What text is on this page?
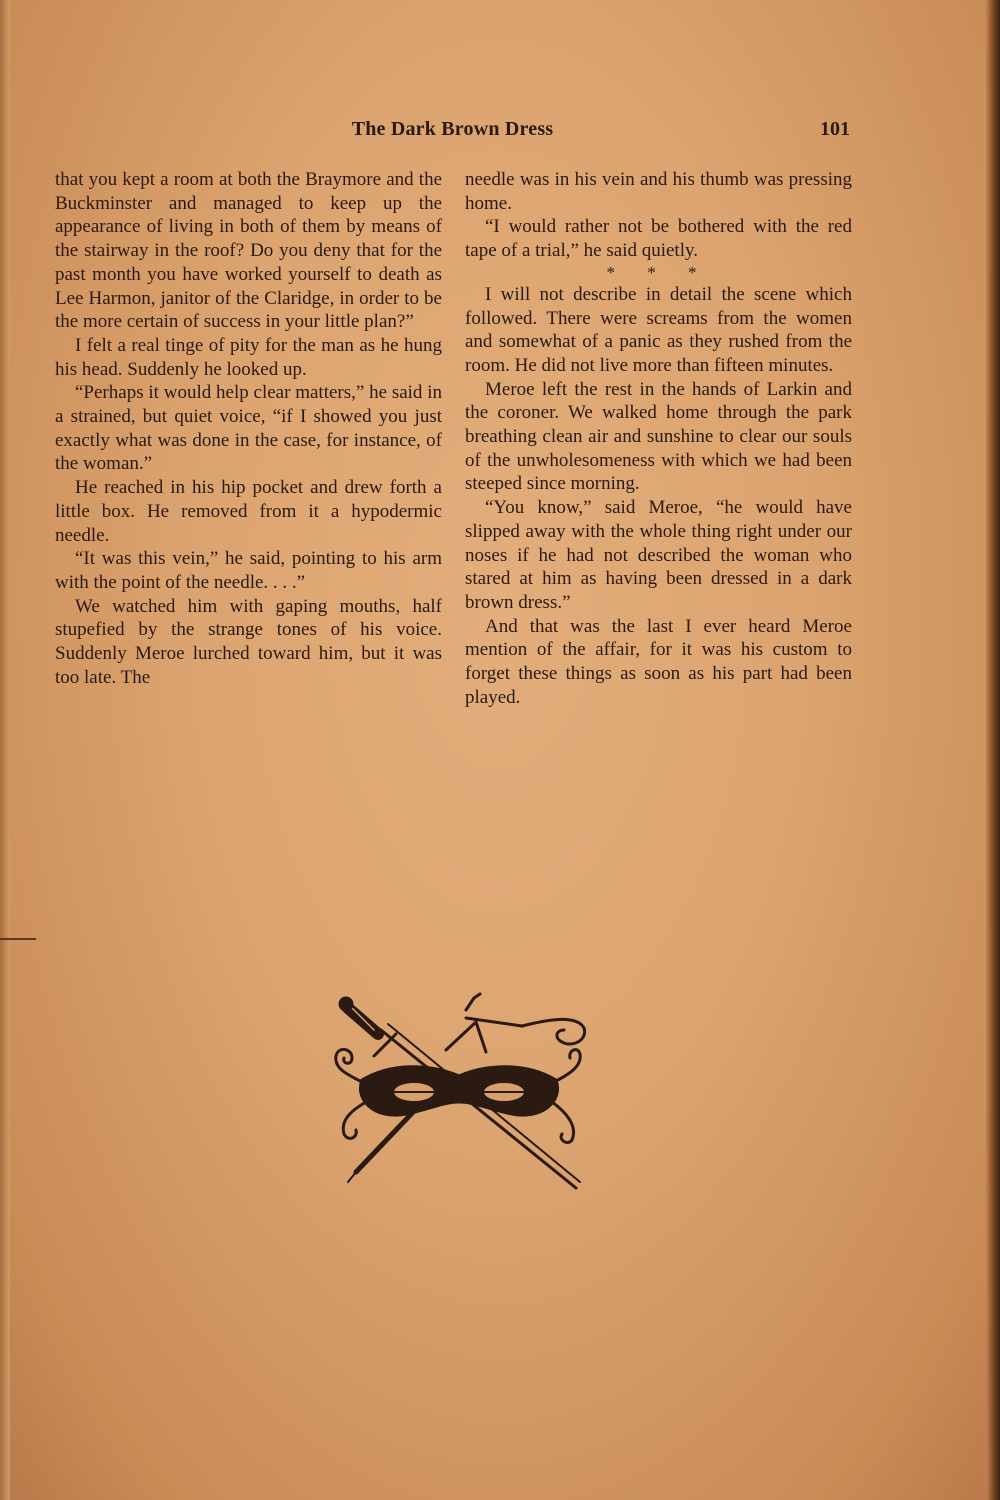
The Dark Brown Dress	101

that you kept a room at both the Braymore and the Buckminster and managed to keep up the appearance of living in both of them by means of the stairway in the roof? Do you deny that for the past month you have worked yourself to death as Lee Harmon, janitor of the Claridge, in order to be the more certain of success in your little plan?”

I felt a real tinge of pity for the man as he hung his head. Suddenly he looked up.

“Perhaps it would help clear matters,” he said in a strained, but quiet voice, “if I showed you just exactly what was done in the case, for instance, of the woman.”

He reached in his hip pocket and drew forth a little box. He removed from it a hypodermic needle.

“It was this vein,” he said, pointing to his arm with the point of the needle. . . .”

We watched him with gaping mouths, half stupefied by the strange tones of his voice. Suddenly Meroe lurched toward him, but it was too late. The

needle was in his vein and his thumb was pressing home.

“I would rather not be bothered with the red tape of a trial,” he said quietly.

* * *

I will not describe in detail the scene which followed. There were screams from the women and somewhat of a panic as they rushed from the room. He did not live more than fifteen minutes.

Meroe left the rest in the hands of Larkin and the coroner. We walked home through the park breathing clean air and sunshine to clear our souls of the unwholesomeness with which we had been steeped since morning.

“You know,” said Meroe, “he would have slipped away with the whole thing right under our noses if he had not described the woman who stared at him as having been dressed in a dark brown dress.”

And that was the last I ever heard Meroe mention of the affair, for it was his custom to forget these things as soon as his part had been played.
